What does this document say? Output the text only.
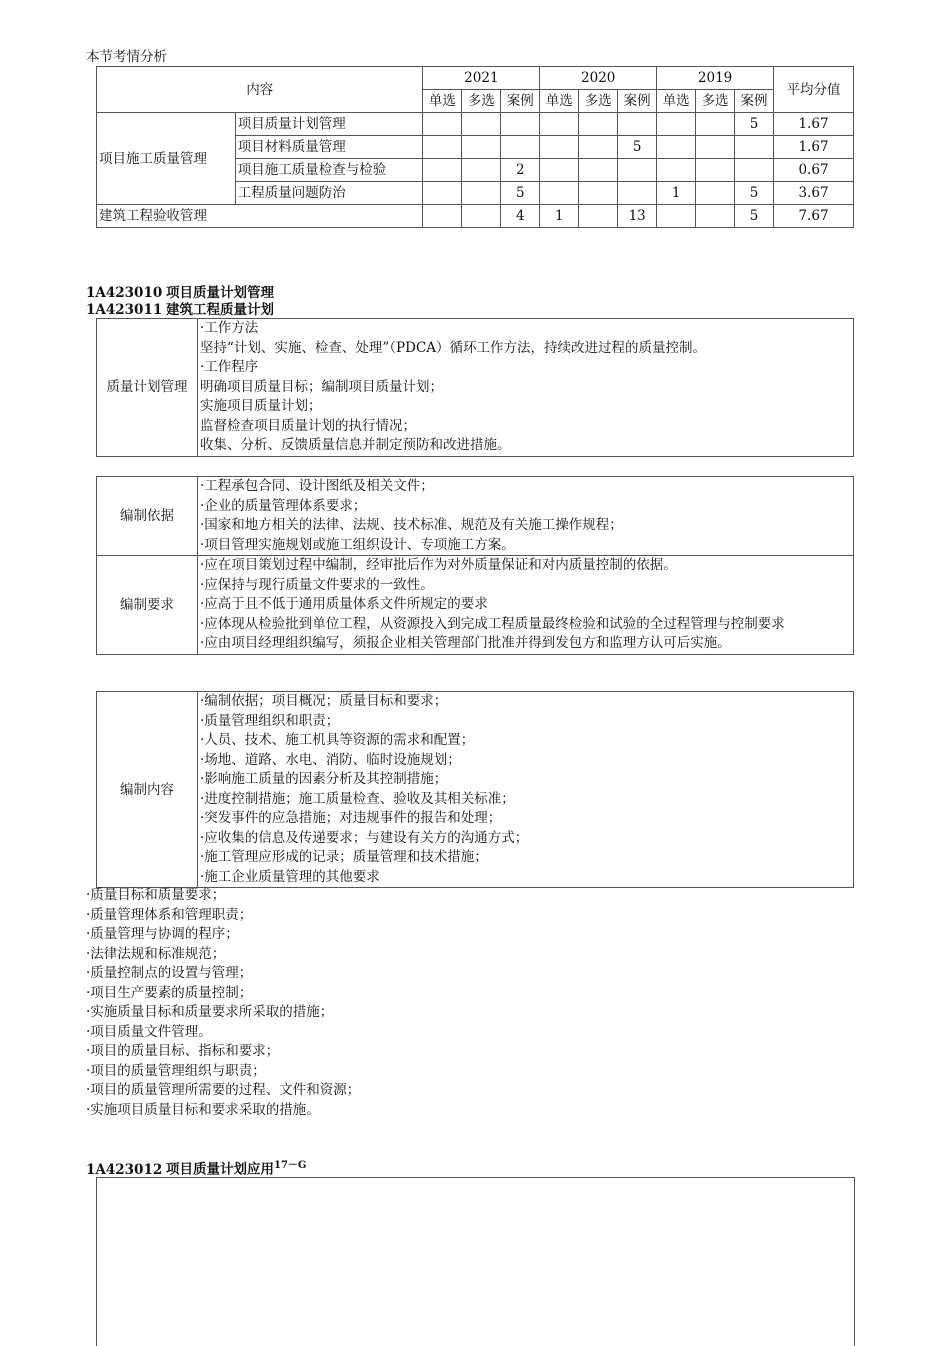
本节考情分析
内容		2021			2020			2019			平均分值
		单选	多选	案例	单选	多选	案例	单选	多选	案例	
项目施工质量管理	项目质量计划管理									5	1.67
	项目材料质量管理						5				1.67
	项目施工质量检查与检验			2							0.67
	工程质量问题防治			5				1		5	3.67
建筑工程验收管理				4	1		13			5	7.67
1A423010 项目质量计划管理
1A423011 建筑工程质量计划
质量计划管理	
·工作方法
坚持“计划、实施、检查、处理”（PDCA）循环工作方法，持续改进过程的质量控制。
·工作程序
明确项目质量目标；编制项目质量计划；
实施项目质量计划；
监督检查项目质量计划的执行情况；
收集、分析、反馈质量信息并制定预防和改进措施。
编制依据	·工程承包合同、设计图纸及相关文件；
·企业的质量管理体系要求；
·国家和地方相关的法律、法规、技术标准、规范及有关施工操作规程；
·项目管理实施规划或施工组织设计、专项施工方案。

编制要求	·应在项目策划过程中编制，经审批后作为对外质量保证和对内质量控制的依据。
·应保持与现行质量文件要求的一致性。
·应高于且不低于通用质量体系文件所规定的要求
·应体现从检验批到单位工程，从资源投入到完成工程质量最终检验和试验的全过程管理与控制要求
·应由项目经理组织编写，须报企业相关管理部门批准并得到发包方和监理方认可后实施。
编制内容	
·编制依据；项目概况；质量目标和要求；
·质量管理组织和职责；
·人员、技术、施工机具等资源的需求和配置；
·场地、道路、水电、消防、临时设施规划；
·影响施工质量的因素分析及其控制措施；
·进度控制措施；施工质量检查、验收及其相关标准；
·突发事件的应急措施；对违规事件的报告和处理；
·应收集的信息及传递要求；与建设有关方的沟通方式；
·施工管理应形成的记录；质量管理和技术措施；
·施工企业质量管理的其他要求
·质量目标和质量要求；
·质量管理体系和管理职责；
·质量管理与协调的程序；
·法律法规和标准规范；
·质量控制点的设置与管理；
·项目生产要素的质量控制；
·实施质量目标和质量要求所采取的措施；
·项目质量文件管理。
·项目的质量目标、指标和要求；
·项目的质量管理组织与职责；
·项目的质量管理所需要的过程、文件和资源；
·实施项目质量目标和要求采取的措施。
1A423012 项目质量计划应用$^{17-G}$
